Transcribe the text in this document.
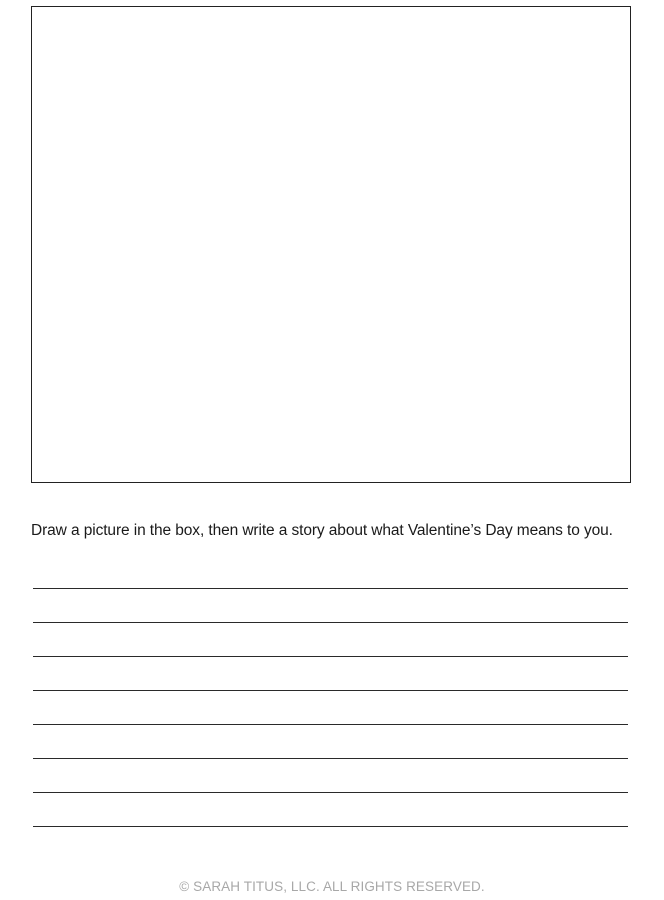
Draw a picture in the box, then write a story about what Valentine’s Day means to you.
© SARAH TITUS, LLC. ALL RIGHTS RESERVED.
